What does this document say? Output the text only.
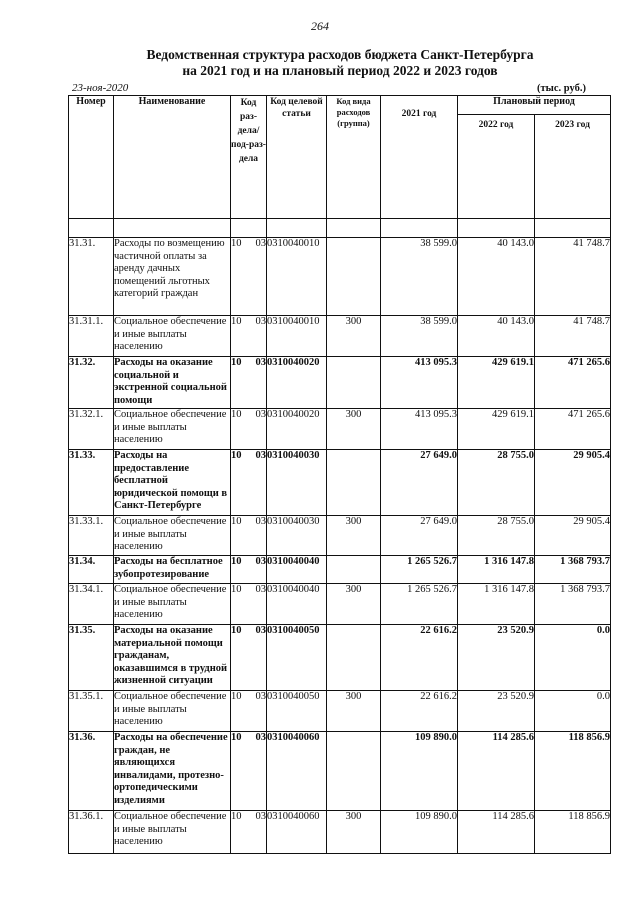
264
Ведомственная структура расходов бюджета Санкт-Петербурга
на 2021 год и на плановый период 2022 и 2023 годов
23-ноя-2020	(тыс. руб.)
Номер	Наименование	Код раз-дела/ под-раз-дела		Код целевой статьи	Код вида расходов (группа)	2021 год	Плановый период	
							2022 год	2023 год

31.31.	Расходы по возмещению частичной оплаты за аренду дачных помещений льготных категорий граждан	10	03	0310040010		38 599.0	40 143.0	41 748.7
31.31.1.	Социальное обеспечение и иные выплаты населению	10	03	0310040010	300	38 599.0	40 143.0	41 748.7
31.32.	Расходы на оказание социальной и экстренной социальной помощи	10	03	0310040020		413 095.3	429 619.1	471 265.6
31.32.1.	Социальное обеспечение и иные выплаты населению	10	03	0310040020	300	413 095.3	429 619.1	471 265.6
31.33.	Расходы на предоставление бесплатной юридической помощи в Санкт-Петербурге	10	03	0310040030		27 649.0	28 755.0	29 905.4
31.33.1.	Социальное обеспечение и иные выплаты населению	10	03	0310040030	300	27 649.0	28 755.0	29 905.4
31.34.	Расходы на бесплатное зубопротезирование	10	03	0310040040		1 265 526.7	1 316 147.8	1 368 793.7
31.34.1.	Социальное обеспечение и иные выплаты населению	10	03	0310040040	300	1 265 526.7	1 316 147.8	1 368 793.7
31.35.	Расходы на оказание материальной помощи гражданам, оказавшимся в трудной жизненной ситуации	10	03	0310040050		22 616.2	23 520.9	0.0
31.35.1.	Социальное обеспечение и иные выплаты населению	10	03	0310040050	300	22 616.2	23 520.9	0.0
31.36.	Расходы на обеспечение граждан, не являющихся инвалидами, протезно-ортопедическими изделиями	10	03	0310040060		109 890.0	114 285.6	118 856.9
31.36.1.	Социальное обеспечение и иные выплаты населению	10	03	0310040060	300	109 890.0	114 285.6	118 856.9
